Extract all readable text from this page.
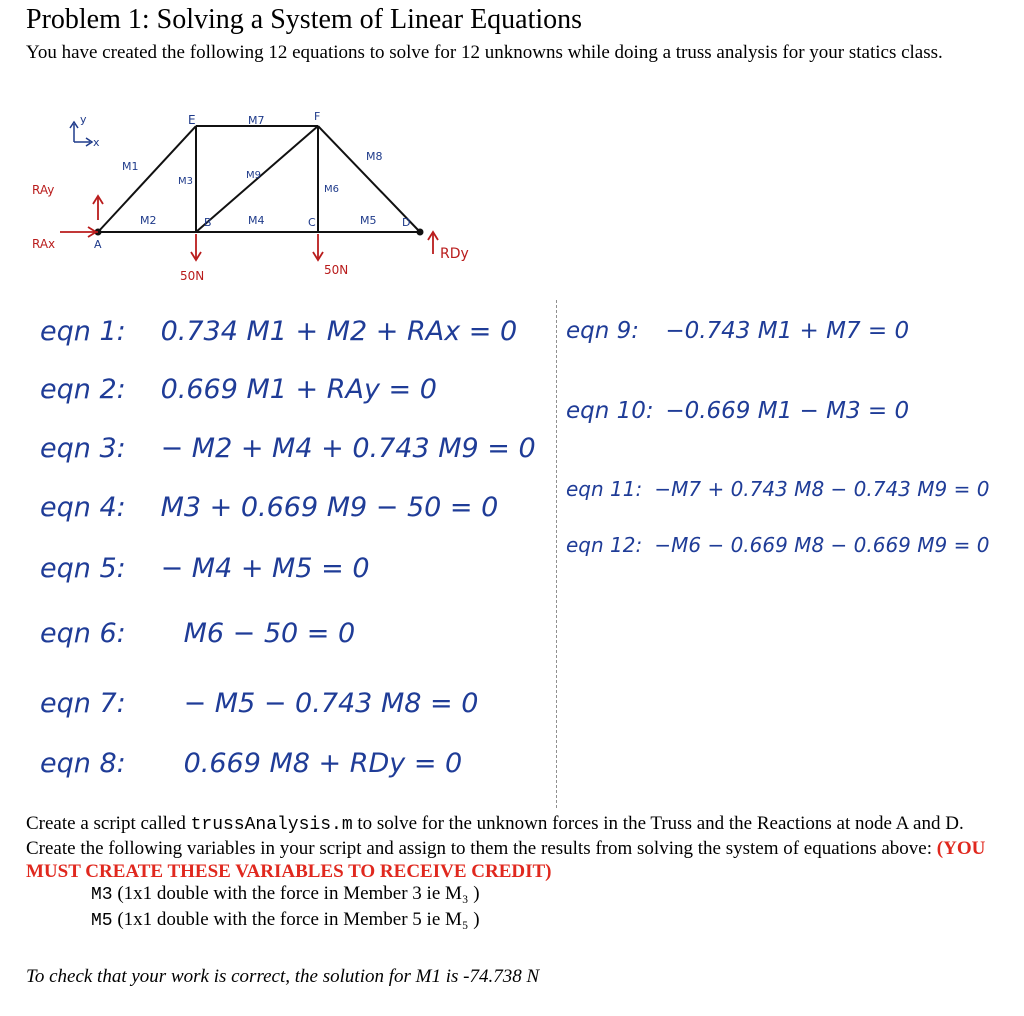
Problem 1: Solving a System of Linear Equations
You have created the following 12 equations to solve for 12 unknowns while doing a truss analysis for your statics class.
y
x
A
B	C	D
E	F
M1
M2
M3
M4	M5
M6
M7
M8
M9
RAy
RAx
RDy
50N	50N
eqn 1: 0.734 M1 + M2 + RAx = 0
eqn 2: 0.669 M1 + RAy = 0
eqn 3: − M2 + M4 + 0.743 M9 = 0
eqn 4: M3 + 0.669 M9 − 50 = 0
eqn 5: − M4 + M5 = 0
eqn 6: M6 − 50 = 0
eqn 7: − M5 − 0.743 M8 = 0
eqn 8: 0.669 M8 + RDy = 0
eqn 9: −0.743 M1 + M7 = 0
eqn 10: −0.669 M1 − M3 = 0
eqn 11: −M7 + 0.743 M8 − 0.743 M9 = 0
eqn 12: −M6 − 0.669 M8 − 0.669 M9 = 0
Create a script called trussAnalysis.m to solve for the unknown forces in the Truss and the Reactions at node A and D. Create the following variables in your script and assign to them the results from solving the system of equations above: (YOU MUST CREATE THESE VARIABLES TO RECEIVE CREDIT)
M3 (1x1 double with the force in Member 3 ie M₃ )
M5 (1x1 double with the force in Member 5 ie M₅ )
To check that your work is correct, the solution for M1 is -74.738 N
